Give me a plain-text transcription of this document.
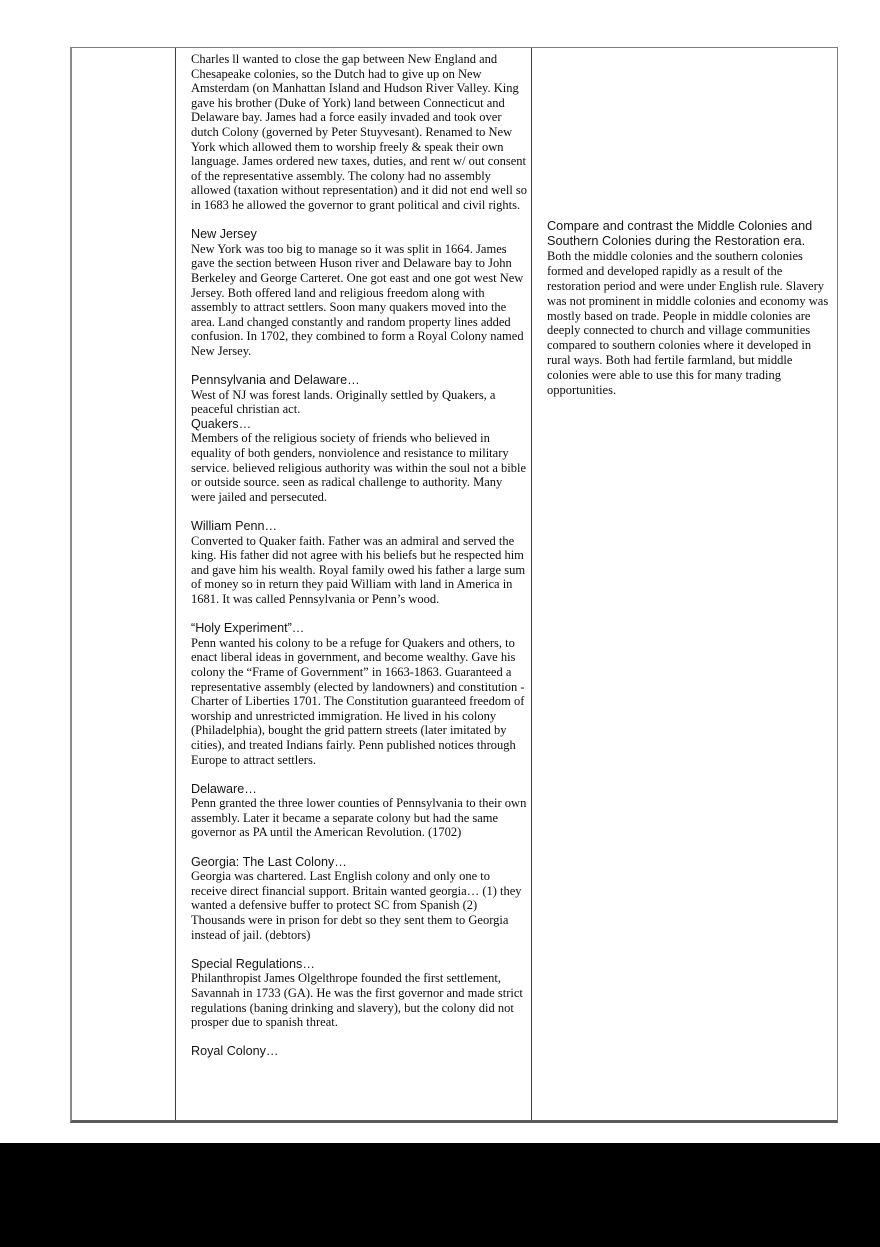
Charles ll wanted to close the gap between New England and Chesapeake colonies, so the Dutch had to give up on New Amsterdam (on Manhattan Island and Hudson River Valley. King gave his brother (Duke of York) land between Connecticut and Delaware bay. James had a force easily invaded and took over dutch Colony (governed by Peter Stuyvesant). Renamed to New York which allowed them to worship freely & speak their own language. James ordered new taxes, duties, and rent w/ out consent of the representative assembly. The colony had no assembly allowed (taxation without representation) and it did not end well so in 1683 he allowed the governor to grant political and civil rights.
New Jersey
New York was too big to manage so it was split in 1664. James gave the section between Huson river and Delaware bay to John Berkeley and George Carteret. One got east and one got west New Jersey. Both offered land and religious freedom along with assembly to attract settlers. Soon many quakers moved into the area. Land changed constantly and random property lines added confusion. In 1702, they combined to form a Royal Colony named New Jersey.
Pennsylvania and Delaware…
West of NJ was forest lands. Originally settled by Quakers, a peaceful christian act.
Quakers…
Members of the religious society of friends who believed in equality of both genders, nonviolence and resistance to military service. believed religious authority was within the soul not a bible or outside source. seen as radical challenge to authority. Many were jailed and persecuted.
William Penn…
Converted to Quaker faith. Father was an admiral and served the king. His father did not agree with his beliefs but he respected him and gave him his wealth. Royal family owed his father a large sum of money so in return they paid William with land in America in 1681. It was called Pennsylvania or Penn’s wood.
“Holy Experiment”…
Penn wanted his colony to be a refuge for Quakers and others, to enact liberal ideas in government, and become wealthy. Gave his colony the “Frame of Government” in 1663-1863. Guaranteed a representative assembly (elected by landowners) and constitution -Charter of Liberties 1701. The Constitution guaranteed freedom of worship and unrestricted immigration. He lived in his colony (Philadelphia), bought the grid pattern streets (later imitated by cities), and treated Indians fairly. Penn published notices through Europe to attract settlers.
Delaware…
Penn granted the three lower counties of Pennsylvania to their own assembly. Later it became a separate colony but had the same governor as PA until the American Revolution. (1702)
Georgia: The Last Colony…
Georgia was chartered. Last English colony and only one to receive direct financial support. Britain wanted georgia… (1) they wanted a defensive buffer to protect SC from Spanish (2) Thousands were in prison for debt so they sent them to Georgia instead of jail. (debtors)
Special Regulations…
Philanthropist James Olgelthrope founded the first settlement, Savannah in 1733 (GA). He was the first governor and made strict regulations (baning drinking and slavery), but the colony did not prosper due to spanish threat.
Royal Colony…
Compare and contrast the Middle Colonies and Southern Colonies during the Restoration era.
Both the middle colonies and the southern colonies formed and developed rapidly as a result of the restoration period and were under English rule. Slavery was not prominent in middle colonies and economy was mostly based on trade. People in middle colonies are deeply connected to church and village communities compared to southern colonies where it developed in rural ways. Both had fertile farmland, but middle colonies were able to use this for many trading opportunities.
